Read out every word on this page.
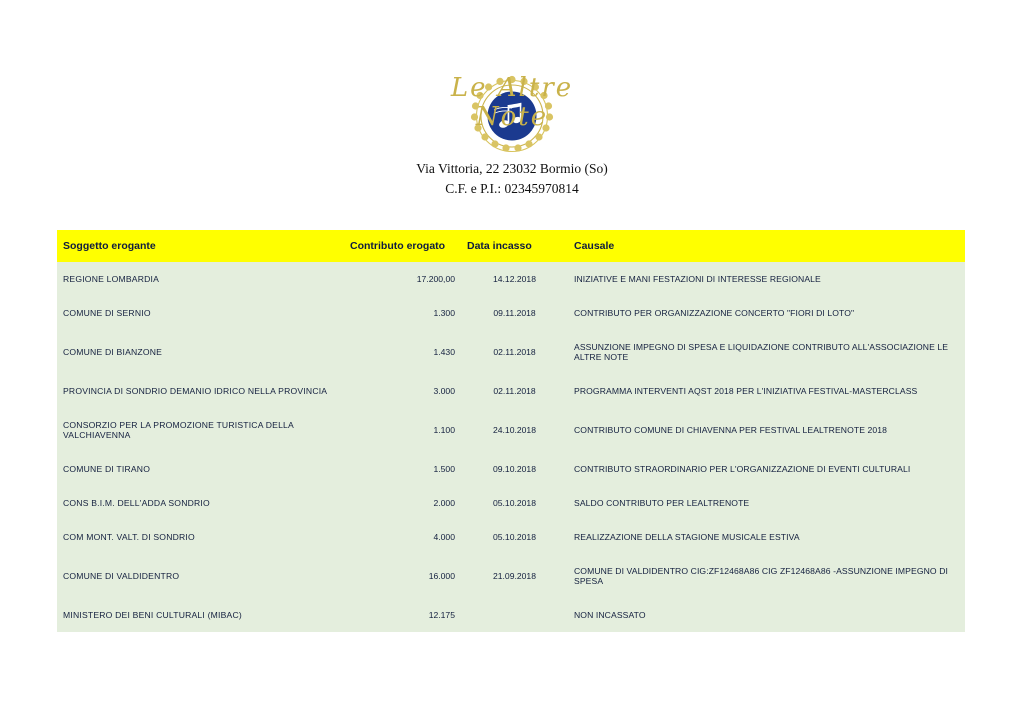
Le Altre Note
Via Vittoria, 22 23032 Bormio (So)
C.F. e P.I.: 02345970814
Soggetto erogante	Contributo erogato	Data incasso	Causale
REGIONE LOMBARDIA	17.200,00	14.12.2018	INIZIATIVE E MANI FESTAZIONI DI INTERESSE REGIONALE
COMUNE DI SERNIO	1.300	09.11.2018	CONTRIBUTO PER ORGANIZZAZIONE CONCERTO "FIORI DI LOTO"
COMUNE DI BIANZONE	1.430	02.11.2018	ASSUNZIONE IMPEGNO DI SPESA E LIQUIDAZIONE CONTRIBUTO ALL'ASSOCIAZIONE LE ALTRE NOTE
PROVINCIA DI SONDRIO DEMANIO IDRICO NELLA PROVINCIA	3.000	02.11.2018	PROGRAMMA INTERVENTI AQST 2018 PER L'INIZIATIVA FESTIVAL-MASTERCLASS
CONSORZIO PER LA PROMOZIONE TURISTICA DELLA VALCHIAVENNA	1.100	24.10.2018	CONTRIBUTO COMUNE DI CHIAVENNA PER FESTIVAL LEALTRENOTE 2018
COMUNE DI TIRANO	1.500	09.10.2018	CONTRIBUTO STRAORDINARIO PER L'ORGANIZZAZIONE DI EVENTI CULTURALI
CONS B.I.M. DELL'ADDA SONDRIO	2.000	05.10.2018	SALDO CONTRIBUTO PER LEALTRENOTE
COM MONT. VALT. DI SONDRIO	4.000	05.10.2018	REALIZZAZIONE DELLA STAGIONE MUSICALE ESTIVA
COMUNE DI VALDIDENTRO	16.000	21.09.2018	COMUNE DI VALDIDENTRO CIG:ZF12468A86 CIG ZF12468A86 -ASSUNZIONE IMPEGNO DI SPESA
MINISTERO DEI BENI CULTURALI (MIBAC)	12.175		NON INCASSATO
